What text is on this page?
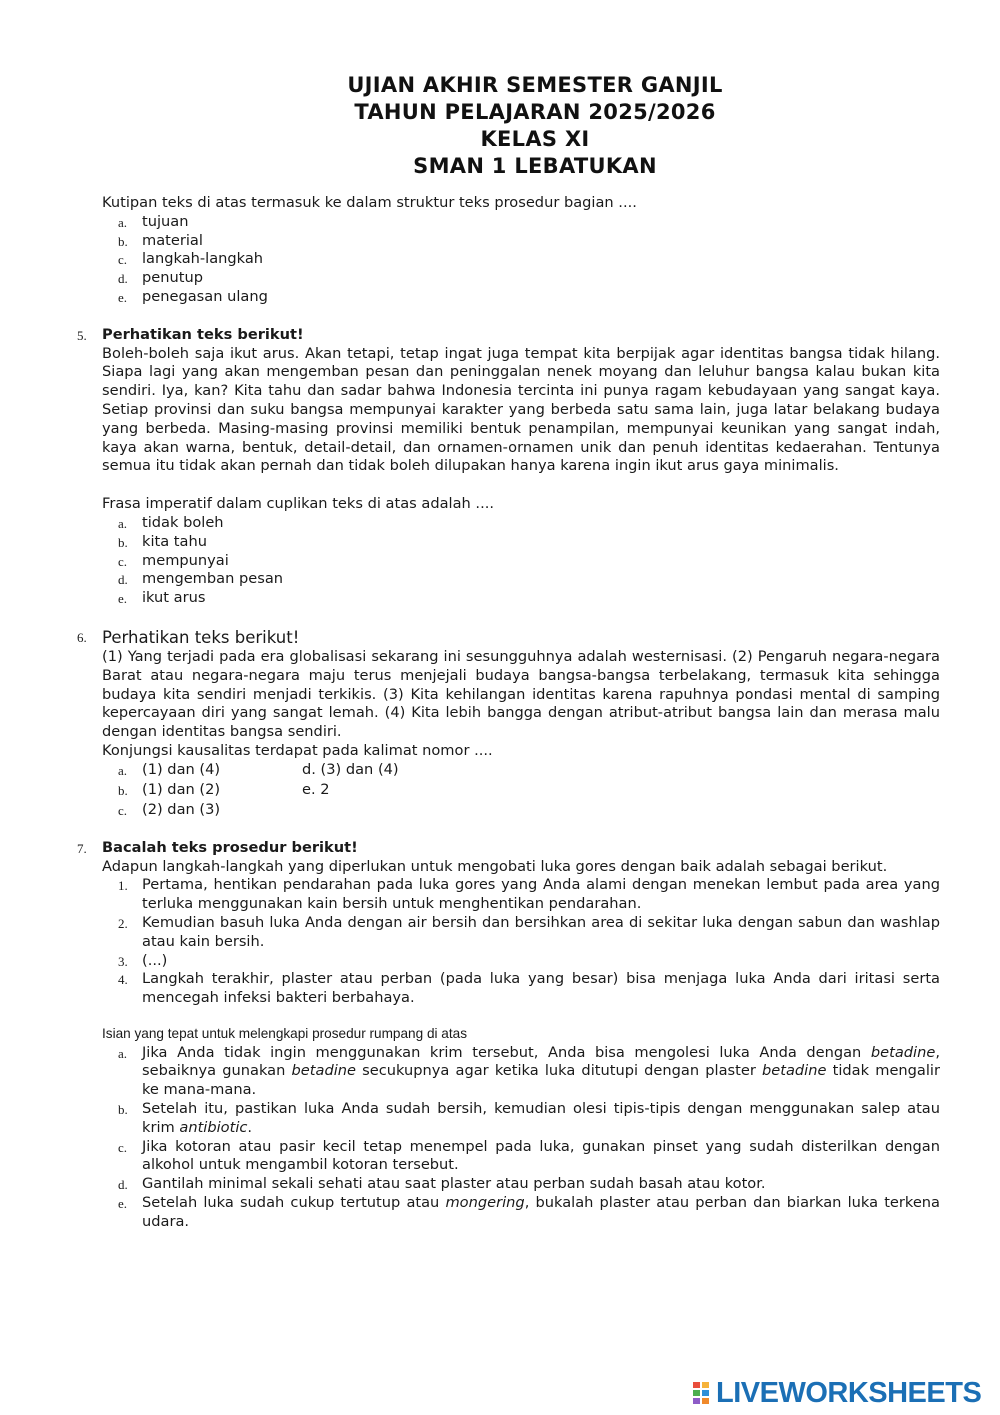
UJIAN AKHIR SEMESTER GANJIL
TAHUN PELAJARAN 2025/2026
KELAS XI
SMAN 1 LEBATUKAN
Kutipan teks di atas termasuk ke dalam struktur teks prosedur bagian ....
a. tujuan
b. material
c. langkah-langkah
d. penutup
e. penegasan ulang
5. Perhatikan teks berikut!
Boleh-boleh saja ikut arus. Akan tetapi, tetap ingat juga tempat kita berpijak agar identitas bangsa tidak hilang. Siapa lagi yang akan mengemban pesan dan peninggalan nenek moyang dan leluhur bangsa kalau bukan kita sendiri. Iya, kan? Kita tahu dan sadar bahwa Indonesia tercinta ini punya ragam kebudayaan yang sangat kaya. Setiap provinsi dan suku bangsa mempunyai karakter yang berbeda satu sama lain, juga latar belakang budaya yang berbeda. Masing-masing provinsi memiliki bentuk penampilan, mempunyai keunikan yang sangat indah, kaya akan warna, bentuk, detail-detail, dan ornamen-ornamen unik dan penuh identitas kedaerahan. Tentunya semua itu tidak akan pernah dan tidak boleh dilupakan hanya karena ingin ikut arus gaya minimalis.
Frasa imperatif dalam cuplikan teks di atas adalah ....
a. tidak boleh
b. kita tahu
c. mempunyai
d. mengemban pesan
e. ikut arus
6. Perhatikan teks berikut!
(1) Yang terjadi pada era globalisasi sekarang ini sesungguhnya adalah westernisasi. (2) Pengaruh negara-negara Barat atau negara-negara maju terus menjejali budaya bangsa-bangsa terbelakang, termasuk kita sehingga budaya kita sendiri menjadi terkikis. (3) Kita kehilangan identitas karena rapuhnya pondasi mental di samping kepercayaan diri yang sangat lemah. (4) Kita lebih bangga dengan atribut-atribut bangsa lain dan merasa malu dengan identitas bangsa sendiri.
Konjungsi kausalitas terdapat pada kalimat nomor ....
a. (1) dan (4)	d. (3) dan (4)
b. (1) dan (2)	e. 2
c. (2) dan (3)
7. Bacalah teks prosedur berikut!
Adapun langkah-langkah yang diperlukan untuk mengobati luka gores dengan baik adalah sebagai berikut.
1. Pertama, hentikan pendarahan pada luka gores yang Anda alami dengan menekan lembut pada area yang terluka menggunakan kain bersih untuk menghentikan pendarahan.
2. Kemudian basuh luka Anda dengan air bersih dan bersihkan area di sekitar luka dengan sabun dan washlap atau kain bersih.
3. (...)
4. Langkah terakhir, plaster atau perban (pada luka yang besar) bisa menjaga luka Anda dari iritasi serta mencegah infeksi bakteri berbahaya.
Isian yang tepat untuk melengkapi prosedur rumpang di atas
a. Jika Anda tidak ingin menggunakan krim tersebut, Anda bisa mengolesi luka Anda dengan betadine, sebaiknya gunakan betadine secukupnya agar ketika luka ditutupi dengan plaster betadine tidak mengalir ke mana-mana.
b. Setelah itu, pastikan luka Anda sudah bersih, kemudian olesi tipis-tipis dengan menggunakan salep atau krim antibiotic.
c. Jika kotoran atau pasir kecil tetap menempel pada luka, gunakan pinset yang sudah disterilkan dengan alkohol untuk mengambil kotoran tersebut.
d. Gantilah minimal sekali sehati atau saat plaster atau perban sudah basah atau kotor.
e. Setelah luka sudah cukup tertutup atau mongering, bukalah plaster atau perban dan biarkan luka terkena udara.
LIVEWORKSHEETS
